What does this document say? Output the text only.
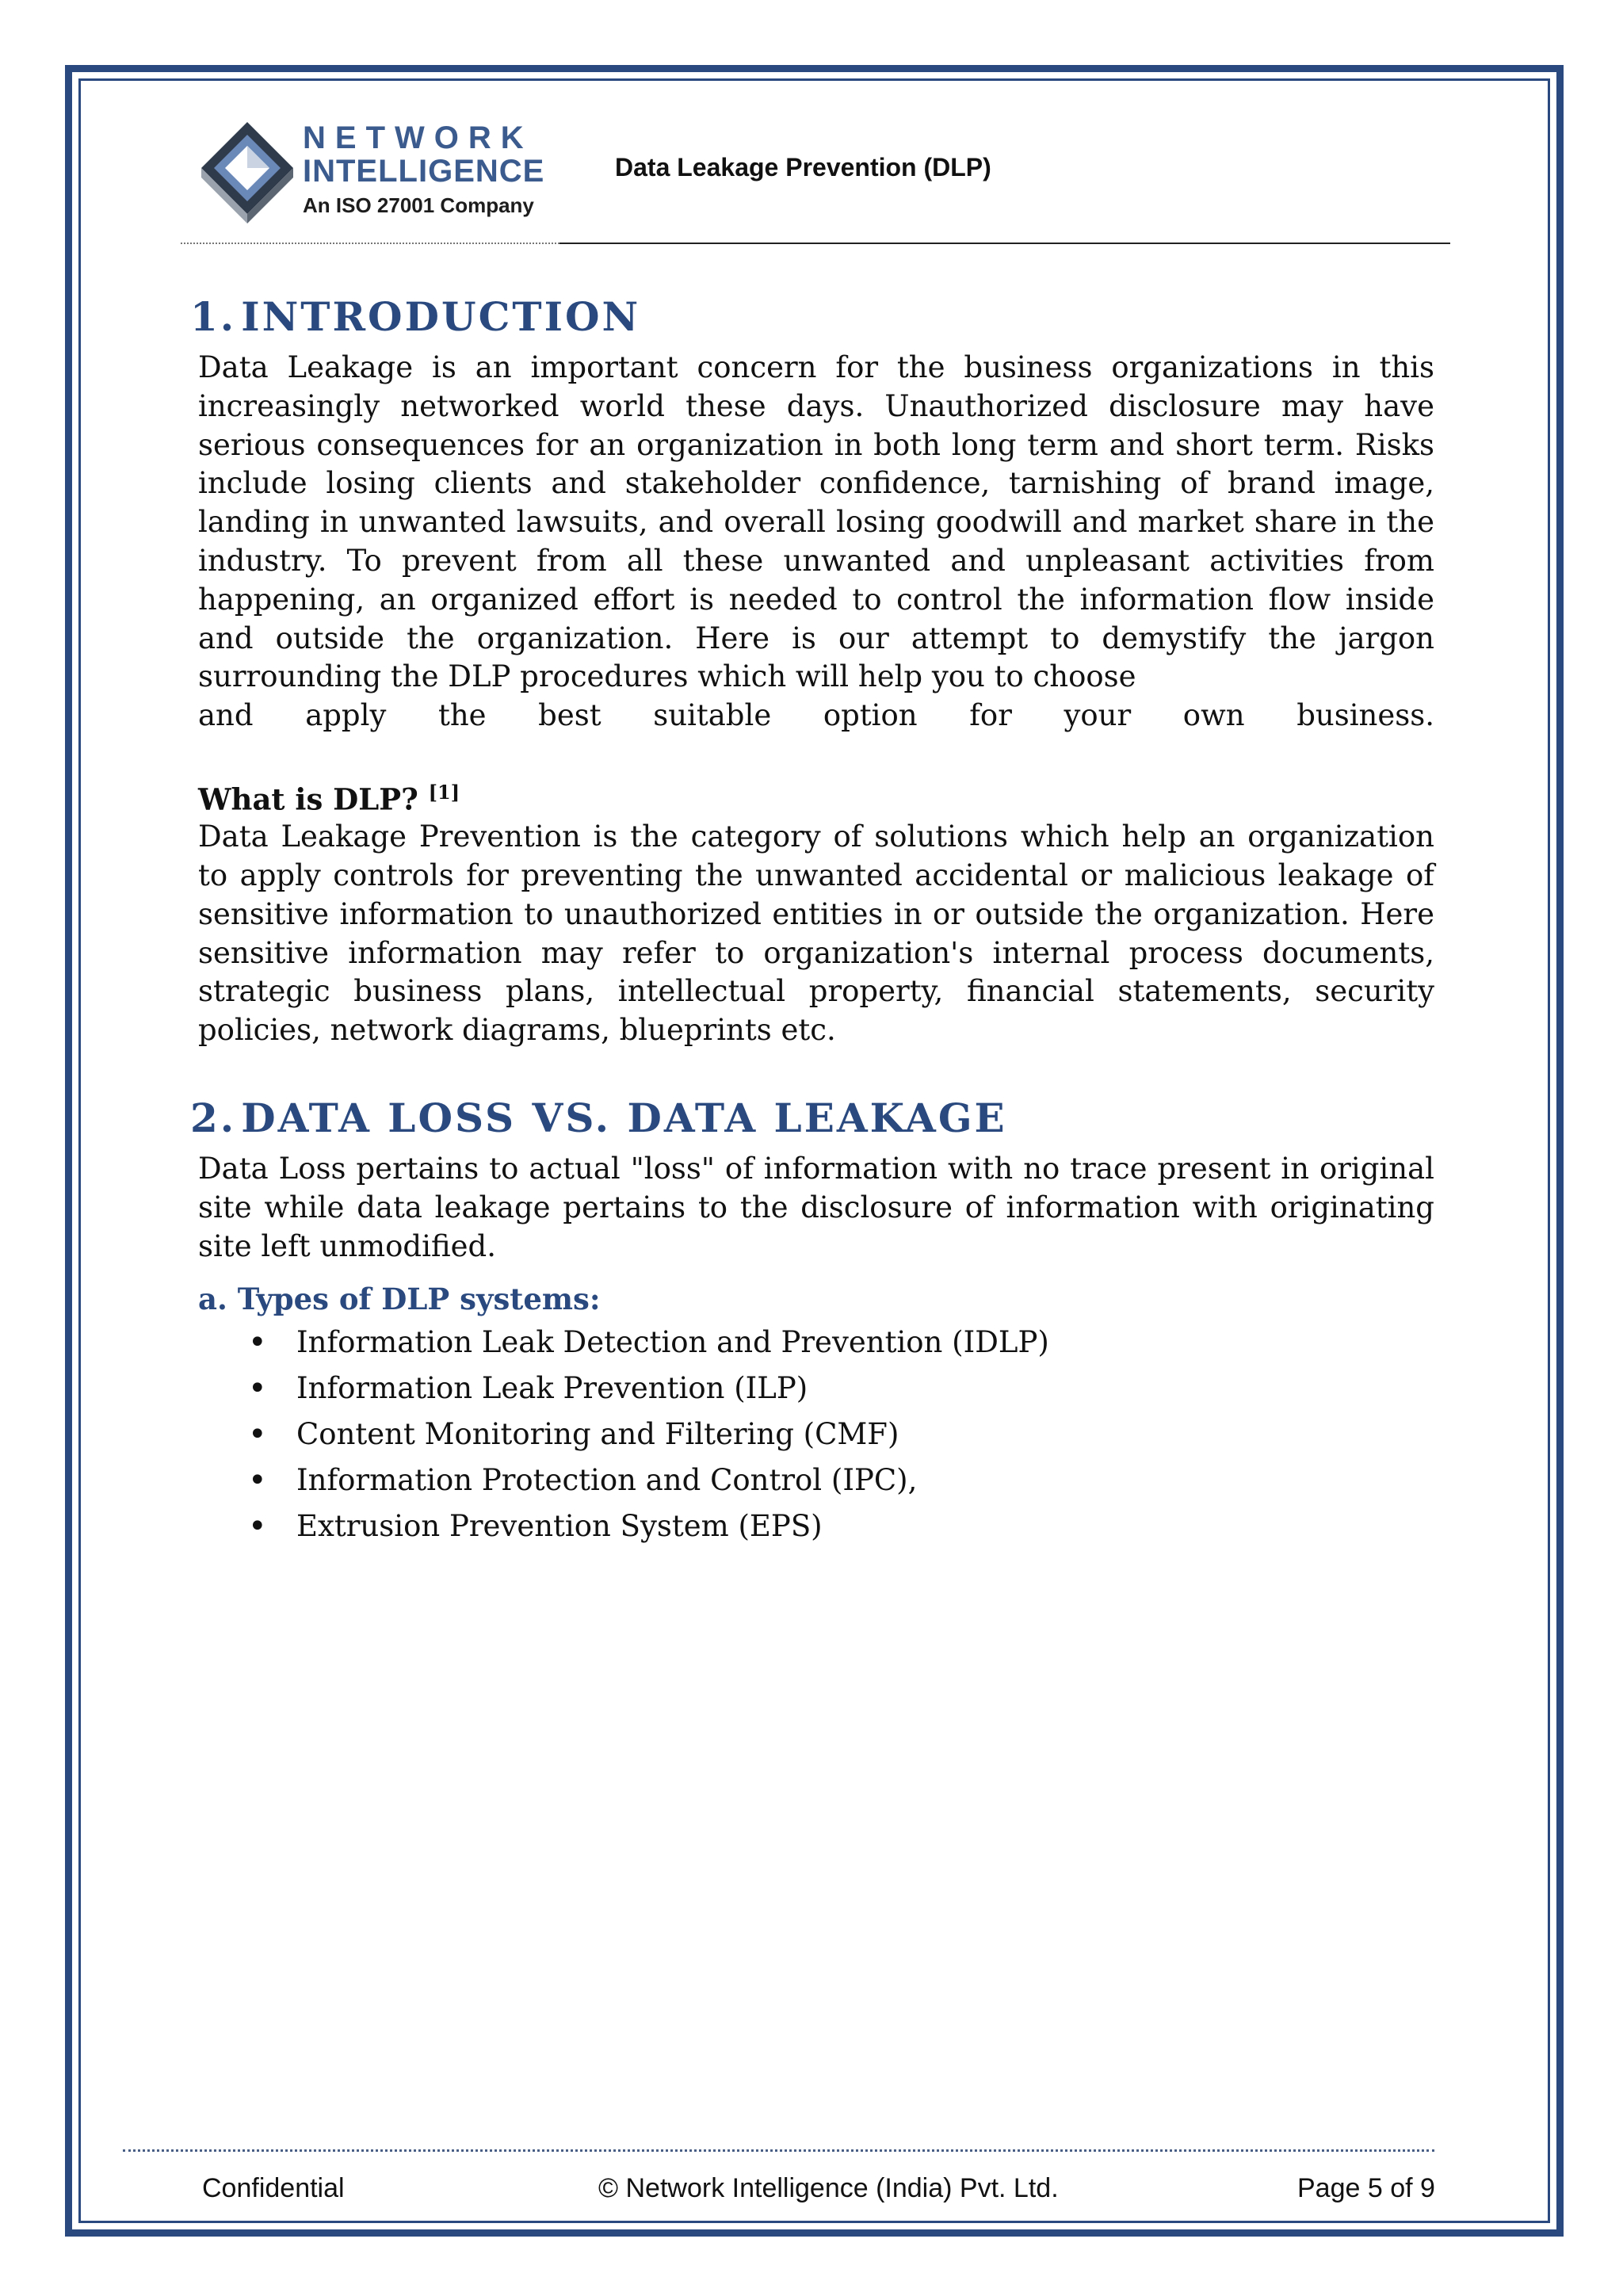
NETWORK
INTELLIGENCE
An ISO 27001 Company
Data Leakage Prevention (DLP)
1. INTRODUCTION

Data Leakage is an important concern for the business organizations in this increasingly networked world these days. Unauthorized disclosure may have serious consequences for an organization in both long term and short term. Risks include losing clients and stakeholder confidence, tarnishing of brand image, landing in unwanted lawsuits, and overall losing goodwill and market share in the industry. To prevent from all these unwanted and unpleasant activities from happening, an organized effort is needed to control the information flow inside and outside the organization. Here is our attempt to demystify the jargon surrounding the DLP procedures which will help you to choose

and apply the best suitable option for your own business.

What is DLP? [1]

Data Leakage Prevention is the category of solutions which help an organization to apply controls for preventing the unwanted accidental or malicious leakage of sensitive information to unauthorized entities in or outside the organization. Here sensitive information may refer to organization's internal process documents, strategic business plans, intellectual property, financial statements, security policies, network diagrams, blueprints etc.

2. DATA LOSS VS. DATA LEAKAGE

Data Loss pertains to actual "loss" of information with no trace present in original site while data leakage pertains to the disclosure of information with originating site left unmodified.

a. Types of DLP systems:
• Information Leak Detection and Prevention (IDLP)
• Information Leak Prevention (ILP)
• Content Monitoring and Filtering (CMF)
• Information Protection and Control (IPC),
• Extrusion Prevention System (EPS)
Confidential	© Network Intelligence (India) Pvt. Ltd.	Page 5 of 9
